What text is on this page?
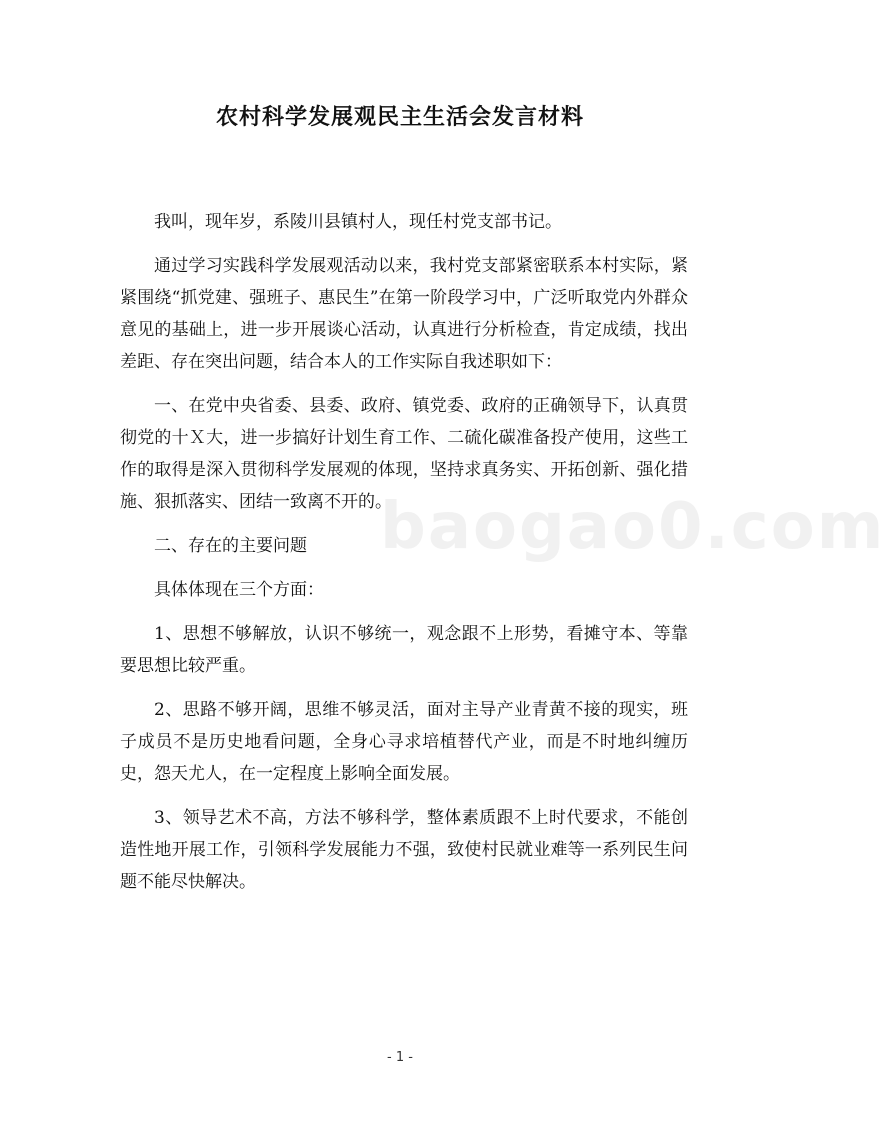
农村科学发展观民主生活会发言材料

我叫，现年岁，系陵川县镇村人，现任村党支部书记。

通过学习实践科学发展观活动以来，我村党支部紧密联系本村实际，紧紧围绕“抓党建、强班子、惠民生”在第一阶段学习中，广泛听取党内外群众意见的基础上，进一步开展谈心活动，认真进行分析检查，肯定成绩，找出差距、存在突出问题，结合本人的工作实际自我述职如下：

一、在党中央省委、县委、政府、镇党委、政府的正确领导下，认真贯彻党的十Ｘ大，进一步搞好计划生育工作、二硫化碳准备投产使用，这些工作的取得是深入贯彻科学发展观的体现，坚持求真务实、开拓创新、强化措施、狠抓落实、团结一致离不开的。

二、存在的主要问题

具体体现在三个方面：

1、思想不够解放，认识不够统一，观念跟不上形势，看摊守本、等靠要思想比较严重。

2、思路不够开阔，思维不够灵活，面对主导产业青黄不接的现实，班子成员不是历史地看问题，全身心寻求培植替代产业，而是不时地纠缠历史，怨天尤人，在一定程度上影响全面发展。

3、领导艺术不高，方法不够科学，整体素质跟不上时代要求，不能创造性地开展工作，引领科学发展能力不强，致使村民就业难等一系列民生问题不能尽快解决。

baogao0.com
- 1 -
